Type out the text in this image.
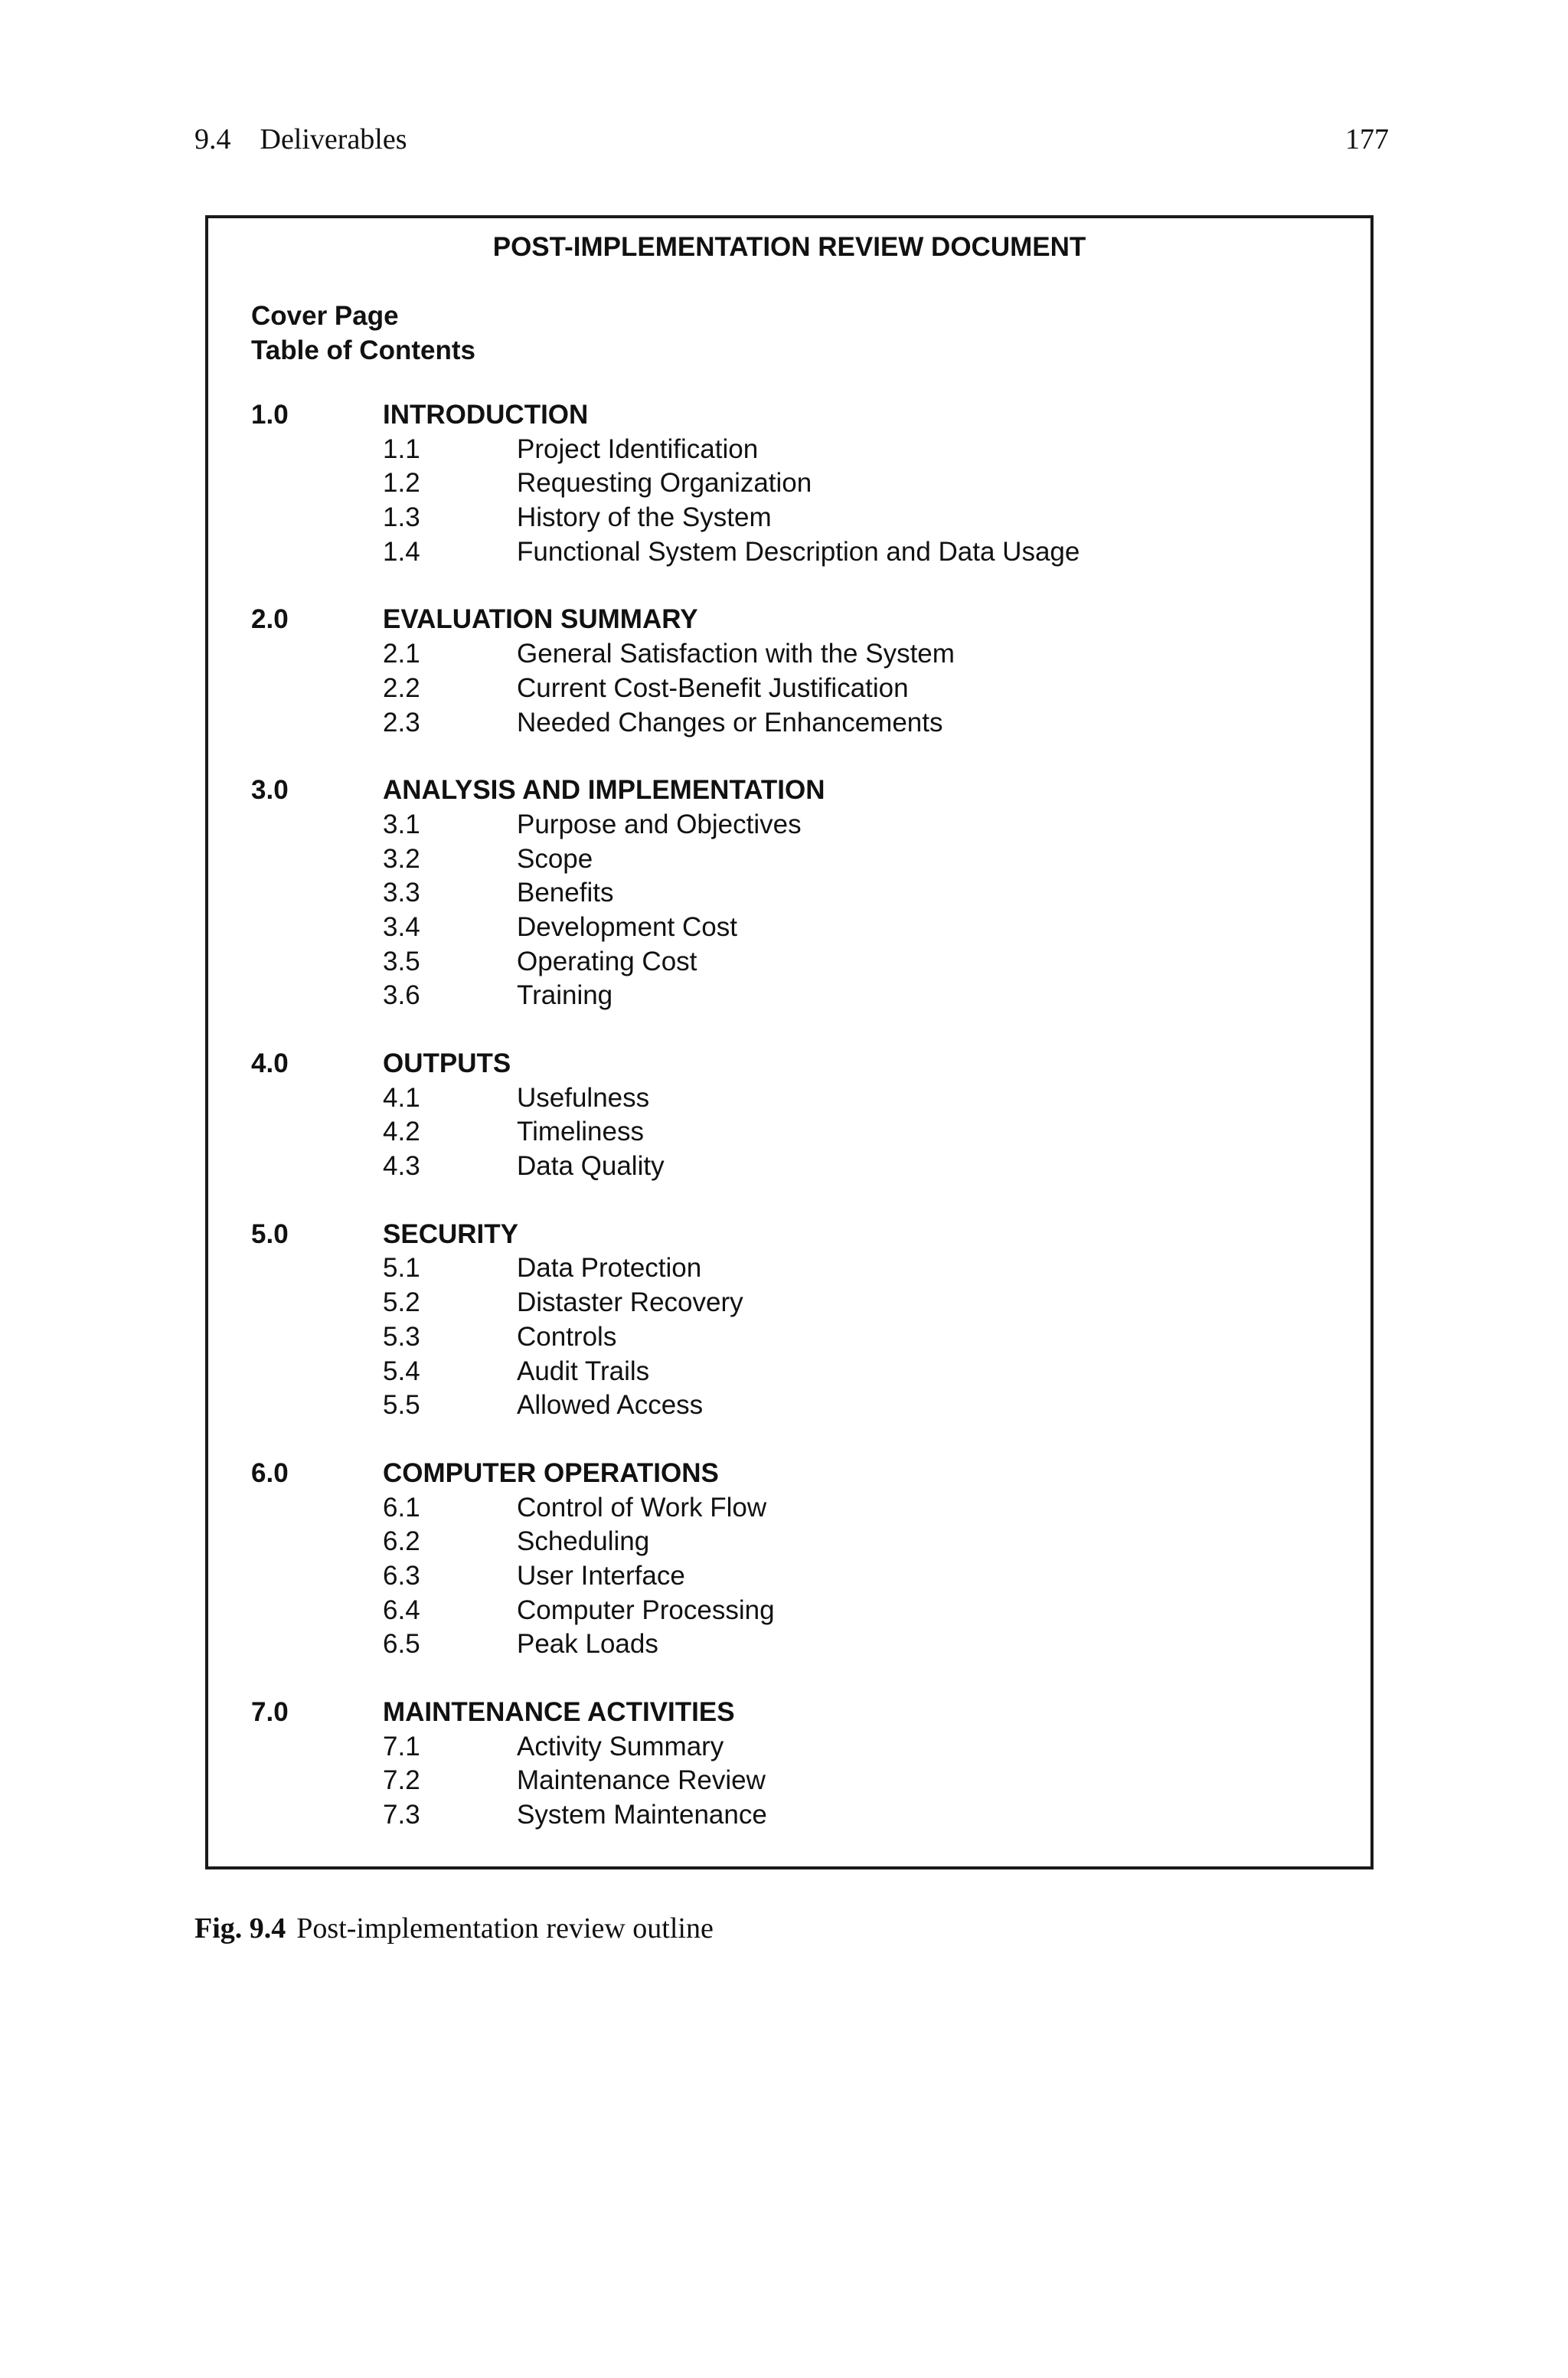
9.4 Deliverables	177
POST-IMPLEMENTATION REVIEW DOCUMENT
Cover Page
Table of Contents
1.0	INTRODUCTION
1.1	Project Identification
1.2	Requesting Organization
1.3	History of the System
1.4	Functional System Description and Data Usage
2.0	EVALUATION SUMMARY
2.1	General Satisfaction with the System
2.2	Current Cost-Benefit Justification
2.3	Needed Changes or Enhancements
3.0	ANALYSIS AND IMPLEMENTATION
3.1	Purpose and Objectives
3.2	Scope
3.3	Benefits
3.4	Development Cost
3.5	Operating Cost
3.6	Training
4.0	OUTPUTS
4.1	Usefulness
4.2	Timeliness
4.3	Data Quality
5.0	SECURITY
5.1	Data Protection
5.2	Distaster Recovery
5.3	Controls
5.4	Audit Trails
5.5	Allowed Access
6.0	COMPUTER OPERATIONS
6.1	Control of Work Flow
6.2	Scheduling
6.3	User Interface
6.4	Computer Processing
6.5	Peak Loads
7.0	MAINTENANCE ACTIVITIES
7.1	Activity Summary
7.2	Maintenance Review
7.3	System Maintenance
Fig. 9.4 Post-implementation review outline
